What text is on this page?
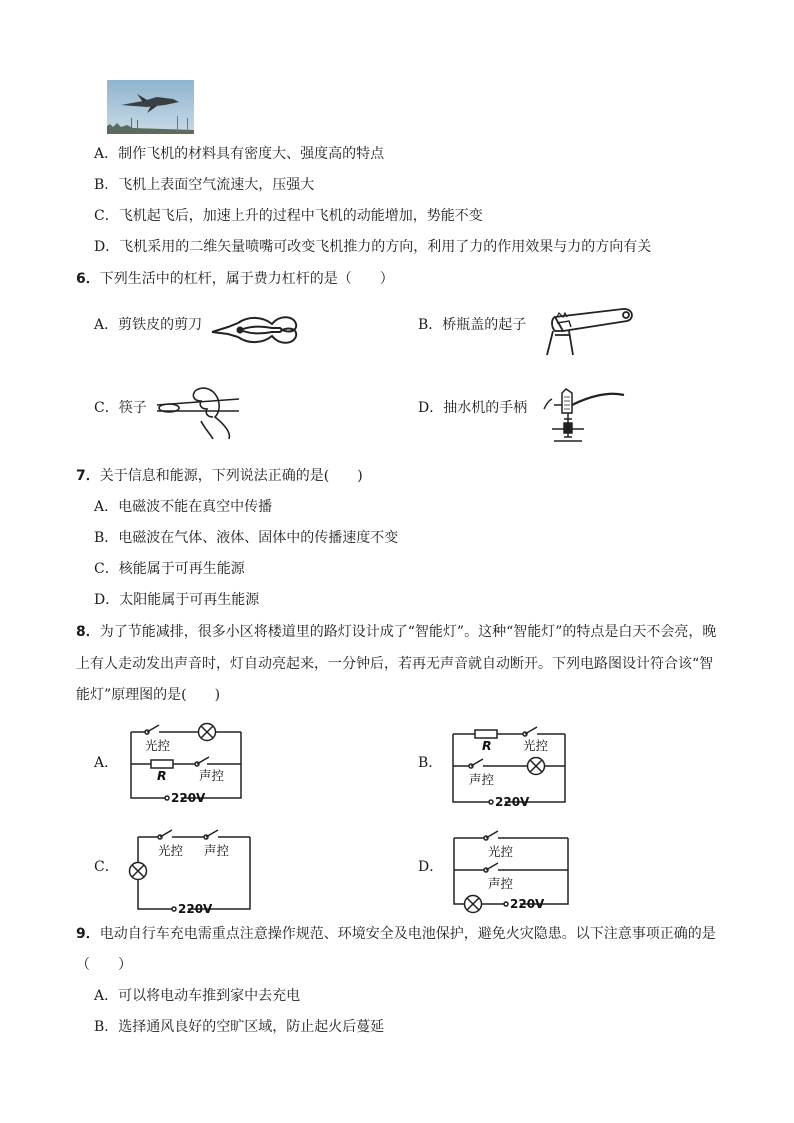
A．制作飞机的材料具有密度大、强度高的特点
B．飞机上表面空气流速大，压强大
C．飞机起飞后，加速上升的过程中飞机的动能增加，势能不变
D．飞机采用的二维矢量喷嘴可改变飞机推力的方向，利用了力的作用效果与力的方向有关
6．下列生活中的杠杆，属于费力杠杆的是（　　）
A．剪铁皮的剪刀	B．桥瓶盖的起子
C．筷子	D．抽水机的手柄
7．关于信息和能源，下列说法正确的是(　　)
A．电磁波不能在真空中传播
B．电磁波在气体、液体、固体中的传播速度不变
C．核能属于可再生能源
D．太阳能属于可再生能源
8．为了节能减排，很多小区将楼道里的路灯设计成了“智能灯”。这种“智能灯”的特点是白天不会亮，晚
上有人走动发出声音时，灯自动亮起来，一分钟后，若再无声音就自动断开。下列电路图设计符合该“智
能灯”原理图的是(　　)
A．
光控
R	声控
220V
B．
R	光控
声控
220V
C．
光控 声控
220V
D．
光控
声控
220V
9．电动自行车充电需重点注意操作规范、环境安全及电池保护，避免火灾隐患。以下注意事项正确的是
（　　）
A．可以将电动车推到家中去充电
B．选择通风良好的空旷区域，防止起火后蔓延
